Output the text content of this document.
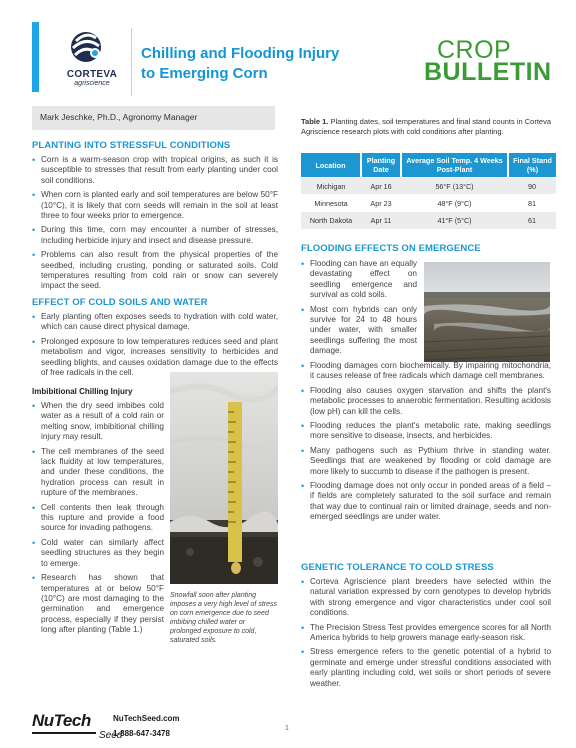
CORTEVA
agriscience
Chilling and Flooding Injury
to Emerging Corn
CROP
BULLETIN
Mark Jeschke, Ph.D., Agronomy Manager
PLANTING INTO STRESSFUL CONDITIONS
• Corn is a warm-season crop with tropical origins, as such it is susceptible to stresses that result from early planting under cool soil conditions.
• When corn is planted early and soil temperatures are below 50°F (10°C), it is likely that corn seeds will remain in the soil at least three to four weeks prior to emergence.
• During this time, corn may encounter a number of stresses, including herbicide injury and insect and disease pressure.
• Problems can also result from the physical properties of the seedbed, including crusting, ponding or saturated soils. Cold temperatures resulting from cold rain or snow can severely impact the seed.
EFFECT OF COLD SOILS AND WATER
• Early planting often exposes seeds to hydration with cold water, which can cause direct physical damage.
• Prolonged exposure to low temperatures reduces seed and plant metabolism and vigor, increases sensitivity to herbicides and seedling blights, and causes oxidation damage due to the effects of free radicals in the cell.
Imbibitional Chilling Injury
• When the dry seed imbibes cold water as a result of a cold rain or melting snow, imbibitional chilling injury may result.
• The cell membranes of the seed lack fluidity at low temperatures, and under these conditions, the hydration process can result in rupture of the membranes.
• Cell contents then leak through this rupture and provide a food source for invading pathogens.
• Cold water can similarly affect seedling structures as they begin to emerge.
• Research has shown that temperatures at or below 50°F (10°C) are most damaging to the germination and emergence process, especially if they persist long after planting (Table 1.)
Snowfall soon after planting imposes a very high level of stress on corn emergence due to seed imbibing chilled water or prolonged exposure to cold, saturated soils.
Table 1. Planting dates, soil temperatures and final stand counts in Corteva Agriscience research plots with cold conditions after planting.
Location	Planting Date	Average Soil Temp. 4 Weeks Post-Plant	Final Stand (%)
Michigan	Apr 16	56°F (13°C)	90
Minnesota	Apr 23	48°F (9°C)	81
North Dakota	Apr 11	41°F (5°C)	61
FLOODING EFFECTS ON EMERGENCE
• Flooding can have an equally devastating effect on seedling emergence and survival as cold soils.
• Most corn hybrids can only survive for 24 to 48 hours under water, with smaller seedlings suffering the most damage.
• Flooding damages corn biochemically. By impairing mitochondria, it causes release of free radicals which damage cell membranes.
• Flooding also causes oxygen starvation and shifts the plant's metabolic processes to anaerobic fermentation. Resulting acidosis (low pH) can kill the cells.
• Flooding reduces the plant's metabolic rate, making seedlings more sensitive to disease, insects, and herbicides.
• Many pathogens such as Pythium thrive in standing water. Seedlings that are weakened by flooding or cold damage are more likely to succumb to disease if the pathogen is present.
• Flooding damage does not only occur in ponded areas of a field – if fields are completely saturated to the soil surface and remain that way due to continual rain or limited drainage, seeds and non-emerged seedlings are under water.
GENETIC TOLERANCE TO COLD STRESS
• Corteva Agriscience plant breeders have selected within the natural variation expressed by corn genotypes to develop hybrids with strong emergence and vigor characteristics under cool soil conditions.
• The Precision Stress Test provides emergence scores for all North America hybrids to help growers manage early-season risk.
• Stress emergence refers to the genetic potential of a hybrid to germinate and emerge under stressful conditions associated with early planting including cold, wet soils or short periods of severe weather.
NuTech
Seed
NuTechSeed.com
1-888-647-3478
1
